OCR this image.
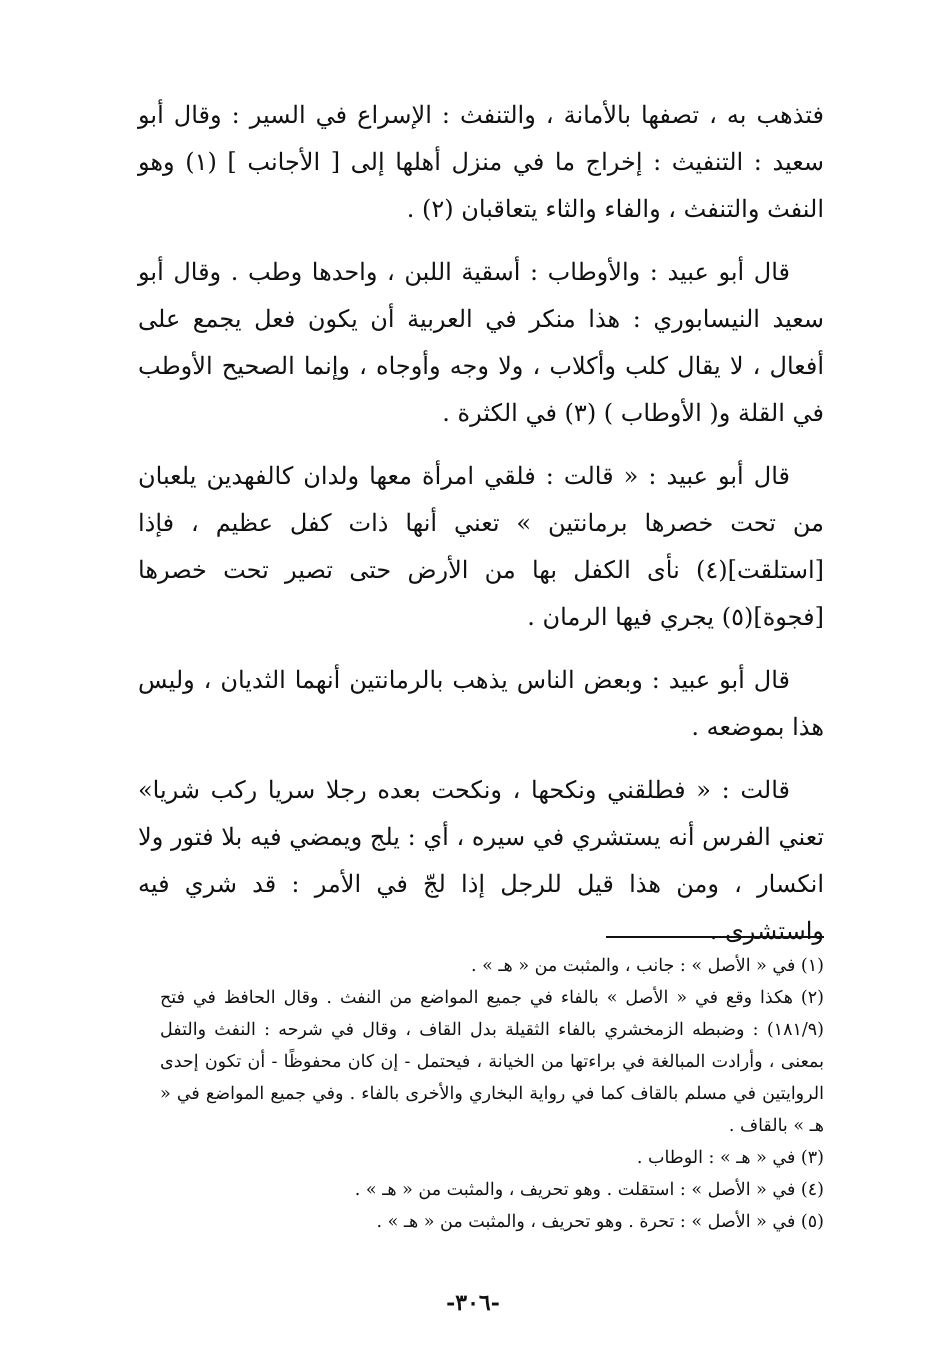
فتذهب به ، تصفها بالأمانة ، والتنفث : الإسراع في السير : وقال أبو سعيد : التنفيث : إخراج ما في منزل أهلها إلى [ الأجانب ] (١) وهو النفث والتنفث ، والفاء والثاء يتعاقبان (٢) .

قال أبو عبيد : والأوطاب : أسقية اللبن ، واحدها وطب . وقال أبو سعيد النيسابوري : هذا منكر في العربية أن يكون فعل يجمع على أفعال ، لا يقال كلب وأكلاب ، ولا وجه وأوجاه ، وإنما الصحيح الأوطب في القلة و( الأوطاب ) (٣) في الكثرة .

قال أبو عبيد : « قالت : فلقي امرأة معها ولدان كالفهدين يلعبان من تحت خصرها برمانتين » تعني أنها ذات كفل عظيم ، فإذا [استلقت](٤) نأى الكفل بها من الأرض حتى تصير تحت خصرها [فجوة](٥) يجري فيها الرمان .

قال أبو عبيد : وبعض الناس يذهب بالرمانتين أنهما الثديان ، وليس هذا بموضعه .

قالت : « فطلقني ونكحها ، ونكحت بعده رجلا سريا ركب شريا» تعني الفرس أنه يستشري في سيره ، أي : يلج ويمضي فيه بلا فتور ولا انكسار ، ومن هذا قيل للرجل إذا لجّ في الأمر : قد شري فيه واستشرى .

(١) في « الأصل » : جانب ، والمثبت من « هـ » .

(٢) هكذا وقع في « الأصل » بالفاء في جميع المواضع من النفث . وقال الحافظ في فتح (١٨١/٩) : وضبطه الزمخشري بالفاء الثقيلة بدل القاف ، وقال في شرحه : النفث والتفل بمعنى ، وأرادت المبالغة في براءتها من الخيانة ، فيحتمل - إن كان محفوظًا - أن تكون إحدى الروايتين في مسلم بالقاف كما في رواية البخاري والأخرى بالفاء . وفي جميع المواضع في « هـ » بالقاف .

(٣) في « هـ » : الوطاب .

(٤) في « الأصل » : استقلت . وهو تحريف ، والمثبت من « هـ » .

(٥) في « الأصل » : تحرة . وهو تحريف ، والمثبت من « هـ » .

-٣٠٦-
